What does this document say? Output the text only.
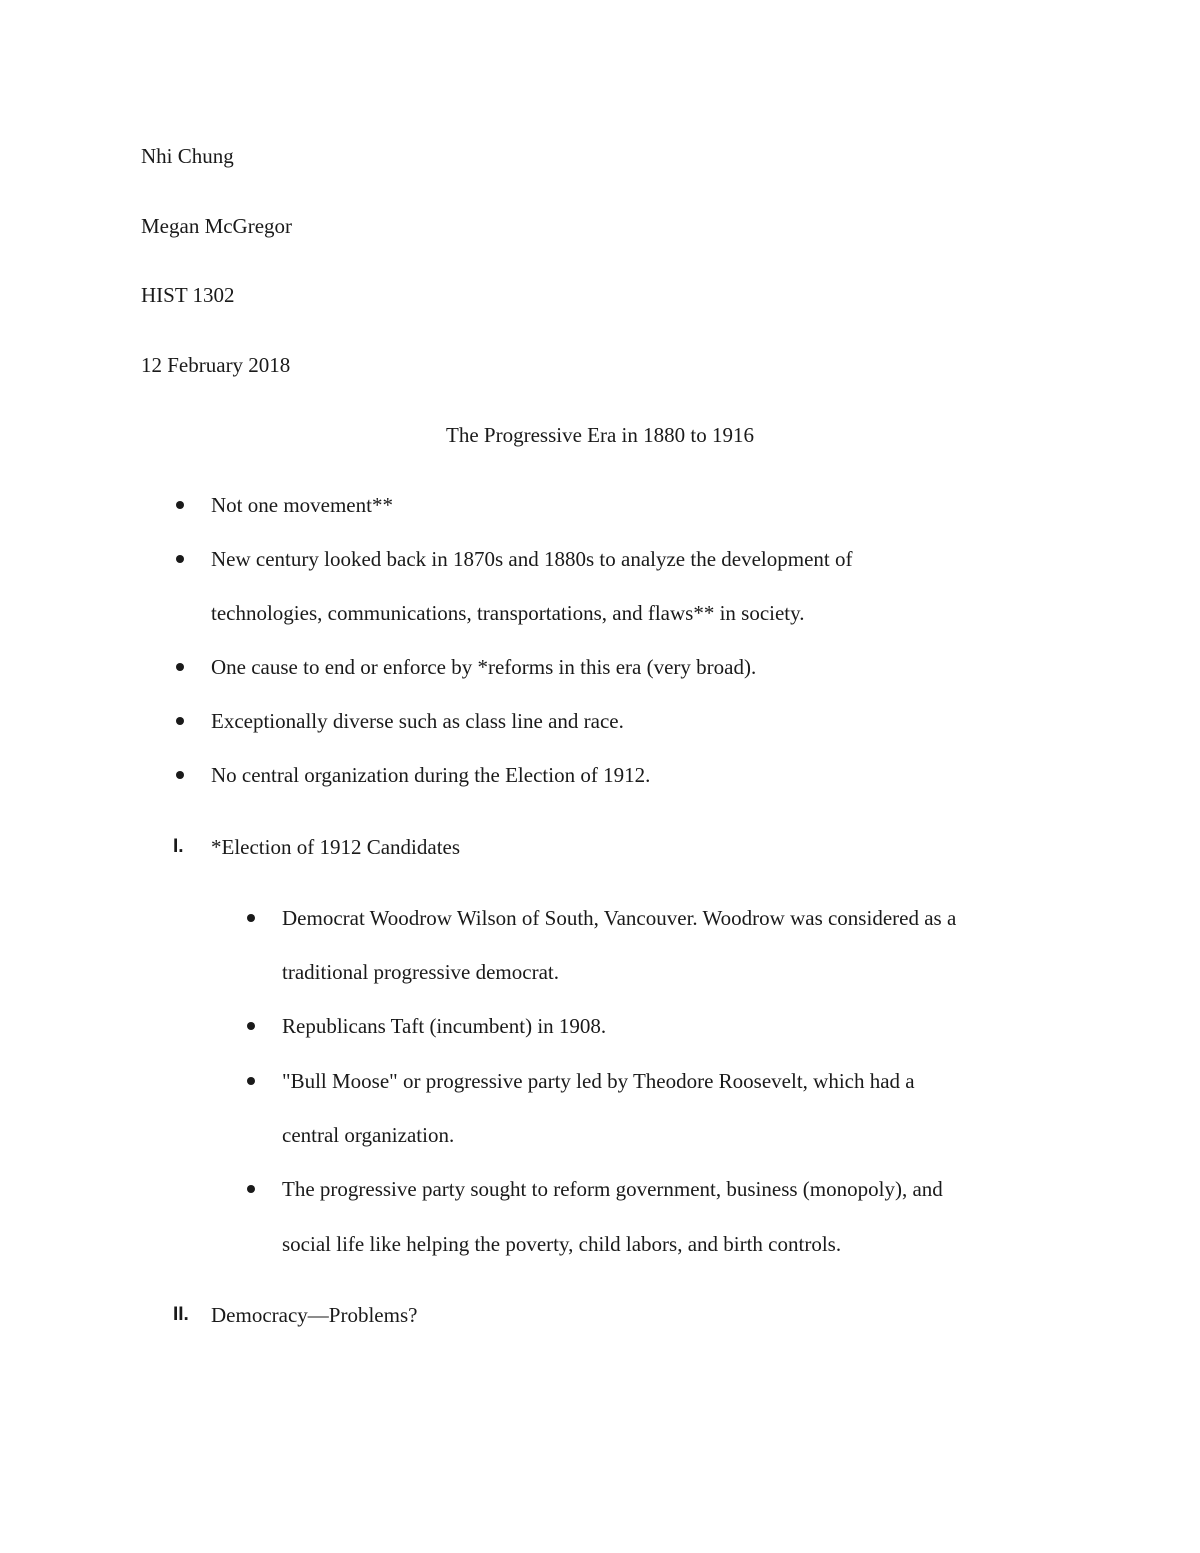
Nhi Chung
Megan McGregor
HIST 1302
12 February 2018
The Progressive Era in 1880 to 1916
Not one movement**
New century looked back in 1870s and 1880s to analyze the development of
technologies, communications, transportations, and flaws** in society.
One cause to end or enforce by *reforms in this era (very broad).
Exceptionally diverse such as class line and race.
No central organization during the Election of 1912.
I. *Election of 1912 Candidates
Democrat Woodrow Wilson of South, Vancouver. Woodrow was considered as a
traditional progressive democrat.
Republicans Taft (incumbent) in 1908.
"Bull Moose" or progressive party led by Theodore Roosevelt, which had a
central organization.
The progressive party sought to reform government, business (monopoly), and
social life like helping the poverty, child labors, and birth controls.
II. Democracy—Problems?
